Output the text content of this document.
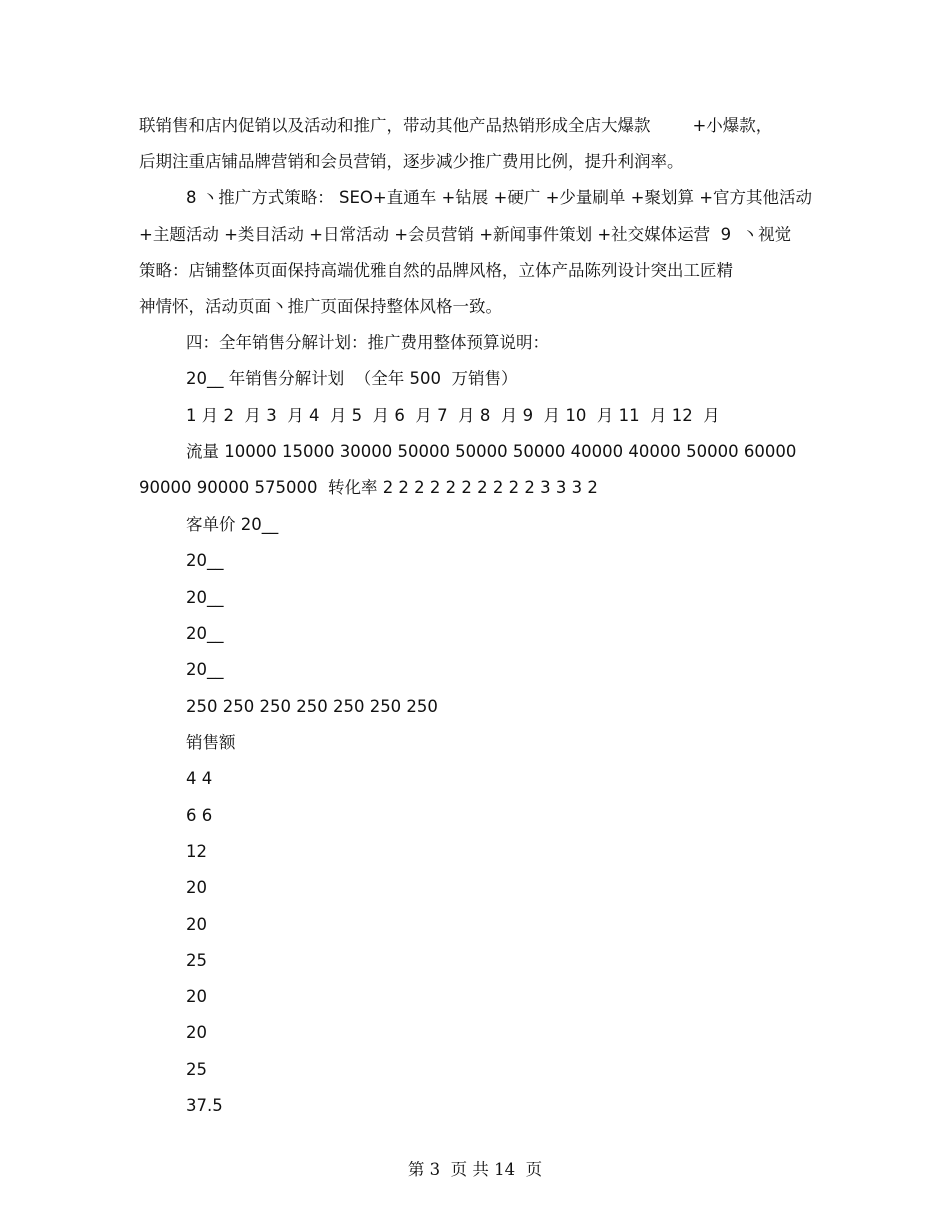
联销售和店内促销以及活动和推广，带动其他产品热销形成全店大爆款        +小爆款，
后期注重店铺品牌营销和会员营销，逐步减少推广费用比例，提升利润率。
8 丶推广方式策略： SEO+直通车 +钻展 +硬广 +少量刷单 +聚划算 +官方其他活动
+主题活动 +类目活动 +日常活动 +会员营销 +新闻事件策划 +社交媒体运营  9  丶视觉
策略：店铺整体页面保持高端优雅自然的品牌风格，立体产品陈列设计突出工匠精
神情怀，活动页面丶推广页面保持整体风格一致。
四：全年销售分解计划：推广费用整体预算说明：
20__ 年销售分解计划  （全年 500  万销售）
1 月 2  月 3  月 4  月 5  月 6  月 7  月 8  月 9  月 10  月 11  月 12  月
流量 10000 15000 30000 50000 50000 50000 40000 40000 50000 60000
90000 90000 575000  转化率 2 2 2 2 2 2 2 2 2 2 3 3 3 2
客单价 20__
20__
20__
20__
20__
250 250 250 250 250 250 250
销售额
4 4
6 6
12
20
20
25
20
20
25
37.5
第 3  页 共 14  页
